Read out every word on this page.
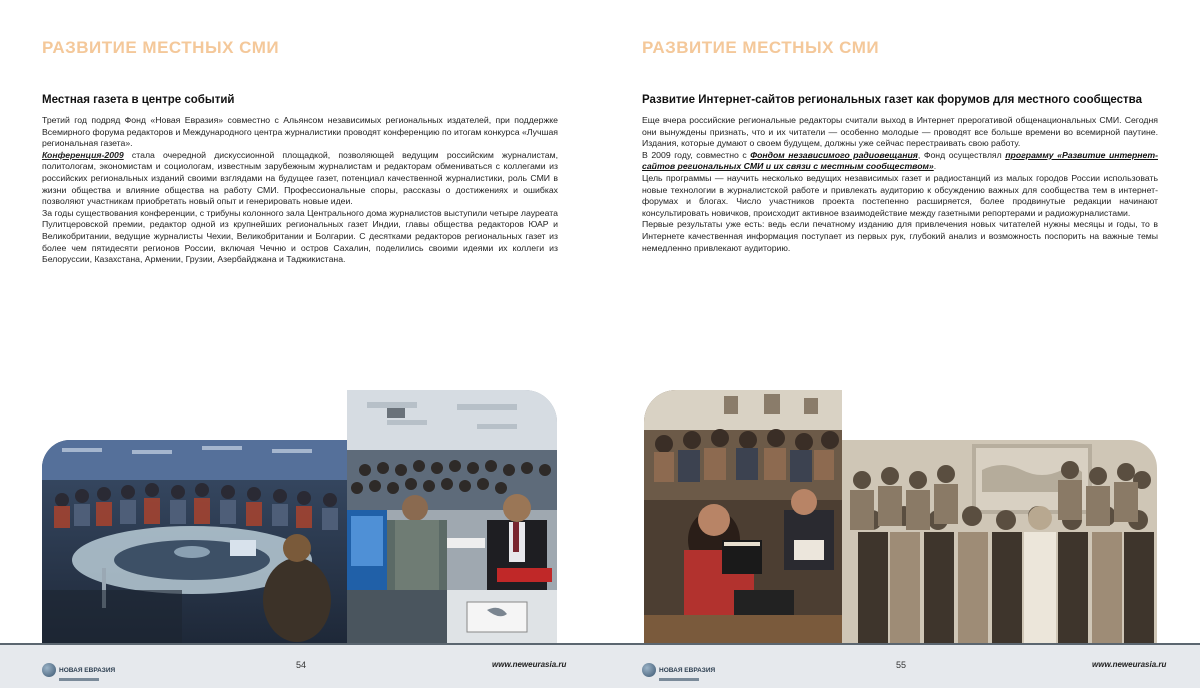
РАЗВИТИЕ МЕСТНЫХ СМИ
Местная газета в центре событий

Третий год подряд Фонд «Новая Евразия» совместно с Альянсом независимых региональных издателей, при поддержке Всемирного форума редакторов и Международного центра журналистики проводят конференцию по итогам конкурса «Лучшая региональная газета».

Конференция-2009 стала очередной дискуссионной площадкой, позволяющей ведущим российским журналистам, политологам, экономистам и социологам, известным зарубежным журналистам и редакторам обмениваться с коллегами из российских региональных изданий своими взглядами на будущее газет, потенциал качественной журналистики, роль СМИ в жизни общества и влияние общества на работу СМИ. Профессиональные споры, рассказы о достижениях и ошибках позволяют участникам приобретать новый опыт и генерировать новые идеи.

За годы существования конференции, с трибуны колонного зала Центрального дома журналистов выступили четыре лауреата Пулитцеровской премии, редактор одной из крупнейших региональных газет Индии, главы общества редакторов ЮАР и Великобритании, ведущие журналисты Чехии, Великобритании и Болгарии. С десятками редакторов региональных газет из более чем пятидесяти регионов России, включая Чечню и остров Сахалин, поделились своими идеями их коллеги из Белоруссии, Казахстана, Армении, Грузии, Азербайджана и Таджикистана.

НОВАЯ ЕВРАЗИЯ
54	www.neweurasia.ru
РАЗВИТИЕ МЕСТНЫХ СМИ
Развитие Интернет-сайтов региональных газет как форумов для местного сообщества

Еще вчера российские региональные редакторы считали выход в Интернет прерогативой общенациональных СМИ. Сегодня они вынуждены признать, что и их читатели — особенно молодые — проводят все больше времени во всемирной паутине. Издания, которые думают о своем будущем, должны уже сейчас перестраивать свою работу.

В 2009 году, совместно с Фондом независимого радиовещания, Фонд осуществлял программу «Развитие интернет-сайтов региональных СМИ и их связи с местным сообществом».

Цель программы — научить несколько ведущих независимых газет и радиостанций из малых городов России использовать новые технологии в журналистской работе и привлекать аудиторию к обсуждению важных для сообщества тем в интернет-форумах и блогах. Число участников проекта постепенно расширяется, более продвинутые редакции начинают консультировать новичков, происходит активное взаимодействие между газетными репортерами и радиожурналистами.

Первые результаты уже есть: ведь если печатному изданию для привлечения новых читателей нужны месяцы и годы, то в Интернете качественная информация поступает из первых рук, глубокий анализ и возможность поспорить на важные темы немедленно привлекают аудиторию.

НОВАЯ ЕВРАЗИЯ
55	www.neweurasia.ru
